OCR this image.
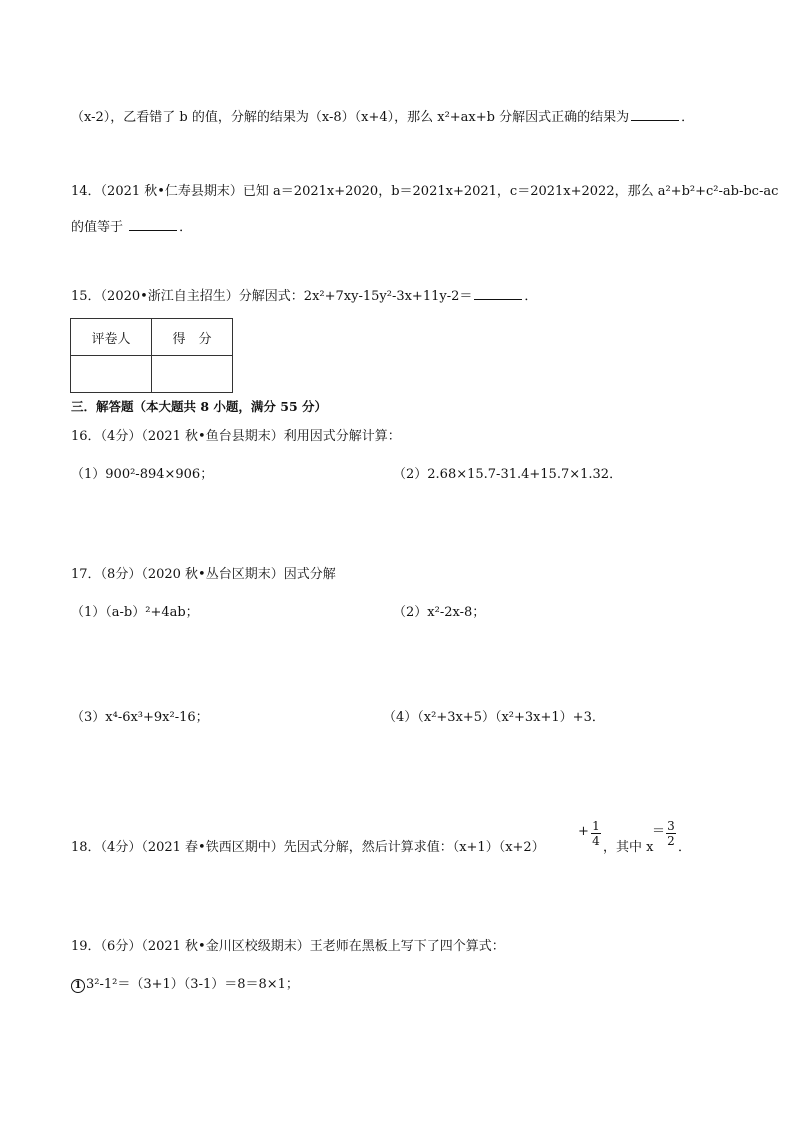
（x-2），乙看错了 b 的值，分解的结果为（x-8）（x+4），那么 x²+ax+b 分解因式正确的结果为	．
14．（2021 秋•仁寿县期末）已知 a＝2021x+2020，b＝2021x+2021，c＝2021x+2022，那么 a²+b²+c²-ab-bc-ac
的值等于	．
15．（2020•浙江自主招生）分解因式：2x²+7xy-15y²-3x+11y-2＝	．
评卷人	得　分

三．解答题（本大题共 8 小题，满分 55 分）
16．（4分）（2021 秋•鱼台县期末）利用因式分解计算：
（1）900²-894×906；	（2）2.68×15.7-31.4+15.7×1.32．
17．（8分）（2020 秋•丛台区期末）因式分解
（1）（a-b）²+4ab；	（2）x²-2x-8；
（3）x⁴-6x³+9x²-16；	（4）（x²+3x+5）（x²+3x+1）+3．
18．（4分）（2021 春•铁西区期中）先因式分解，然后计算求值：（x+1）（x+2）
+ 1
4 ，其中 x
＝ 3
2 ．
19．（6分）（2021 秋•金川区校级期末）王老师在黑板上写下了四个算式：
1 3²-1²＝（3+1）（3-1）＝8＝8×1；
